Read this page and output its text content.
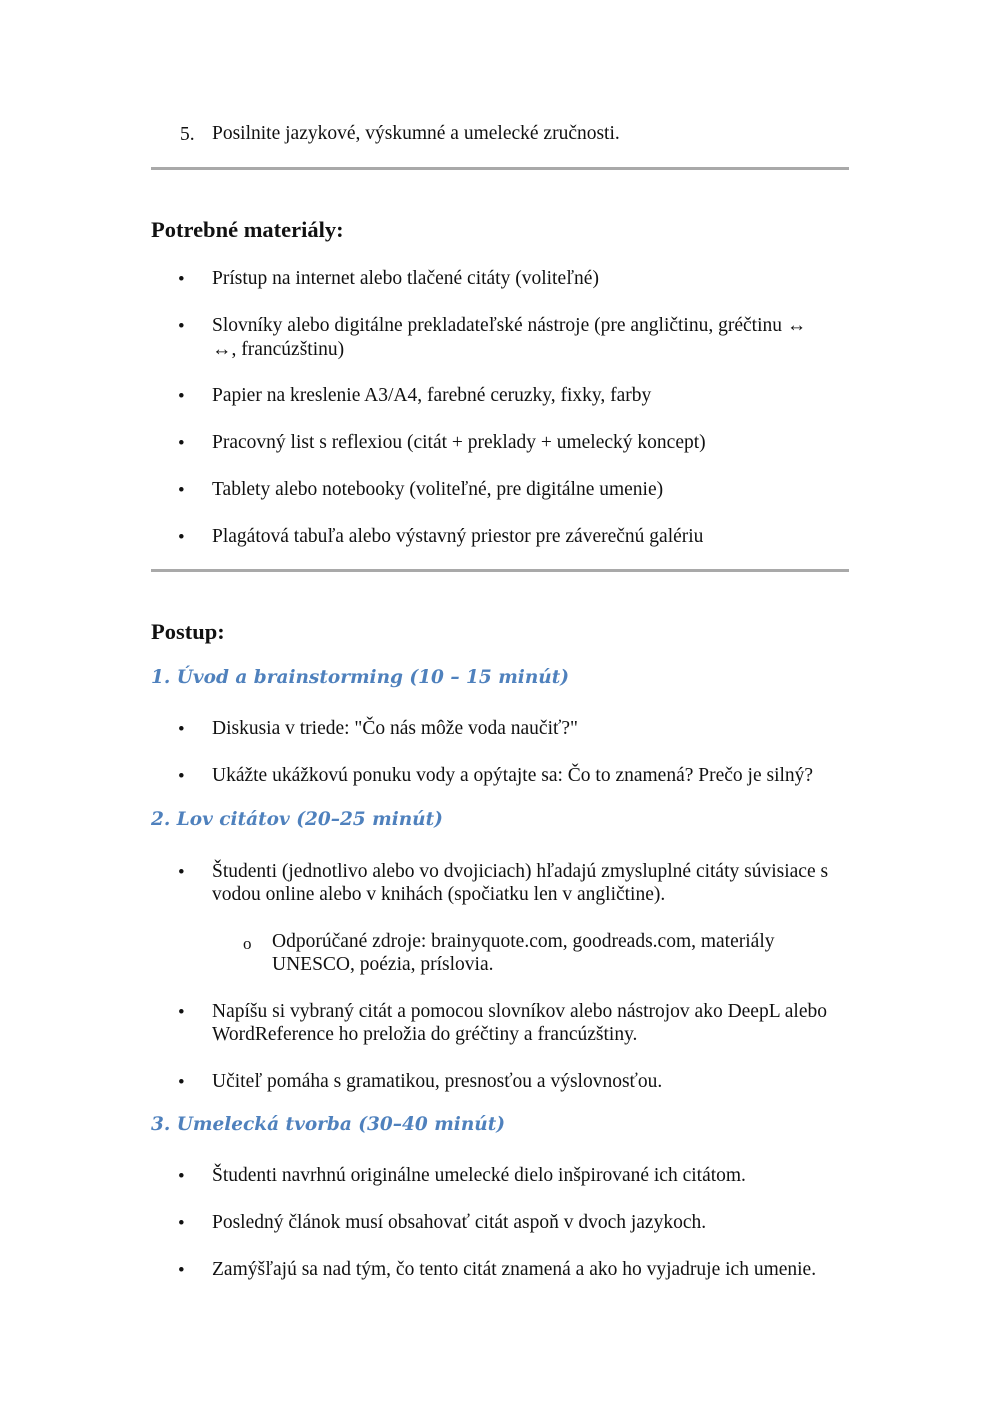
5. Posilnite jazykové, výskumné a umelecké zručnosti.
Potrebné materiály:
• Prístup na internet alebo tlačené citáty (voliteľné)
• Slovníky alebo digitálne prekladateľské nástroje (pre angličtinu, gréčtinu ↔
↔, francúzštinu)
• Papier na kreslenie A3/A4, farebné ceruzky, fixky, farby
• Pracovný list s reflexiou (citát + preklady + umelecký koncept)
• Tablety alebo notebooky (voliteľné, pre digitálne umenie)
• Plagátová tabuľa alebo výstavný priestor pre záverečnú galériu
Postup:
1. Úvod a brainstorming (10 – 15 minút)
• Diskusia v triede: "Čo nás môže voda naučiť?"
• Ukážte ukážkovú ponuku vody a opýtajte sa: Čo to znamená? Prečo je silný?
2. Lov citátov (20–25 minút)
• Študenti (jednotlivo alebo vo dvojiciach) hľadajú zmysluplné citáty súvisiace s
vodou online alebo v knihách (spočiatku len v angličtine).
o Odporúčané zdroje: brainyquote.com, goodreads.com, materiály
UNESCO, poézia, príslovia.
• Napíšu si vybraný citát a pomocou slovníkov alebo nástrojov ako DeepL alebo
WordReference ho preložia do gréčtiny a francúzštiny.
• Učiteľ pomáha s gramatikou, presnosťou a výslovnosťou.
3. Umelecká tvorba (30–40 minút)
• Študenti navrhnú originálne umelecké dielo inšpirované ich citátom.
• Posledný článok musí obsahovať citát aspoň v dvoch jazykoch.
• Zamýšľajú sa nad tým, čo tento citát znamená a ako ho vyjadruje ich umenie.
